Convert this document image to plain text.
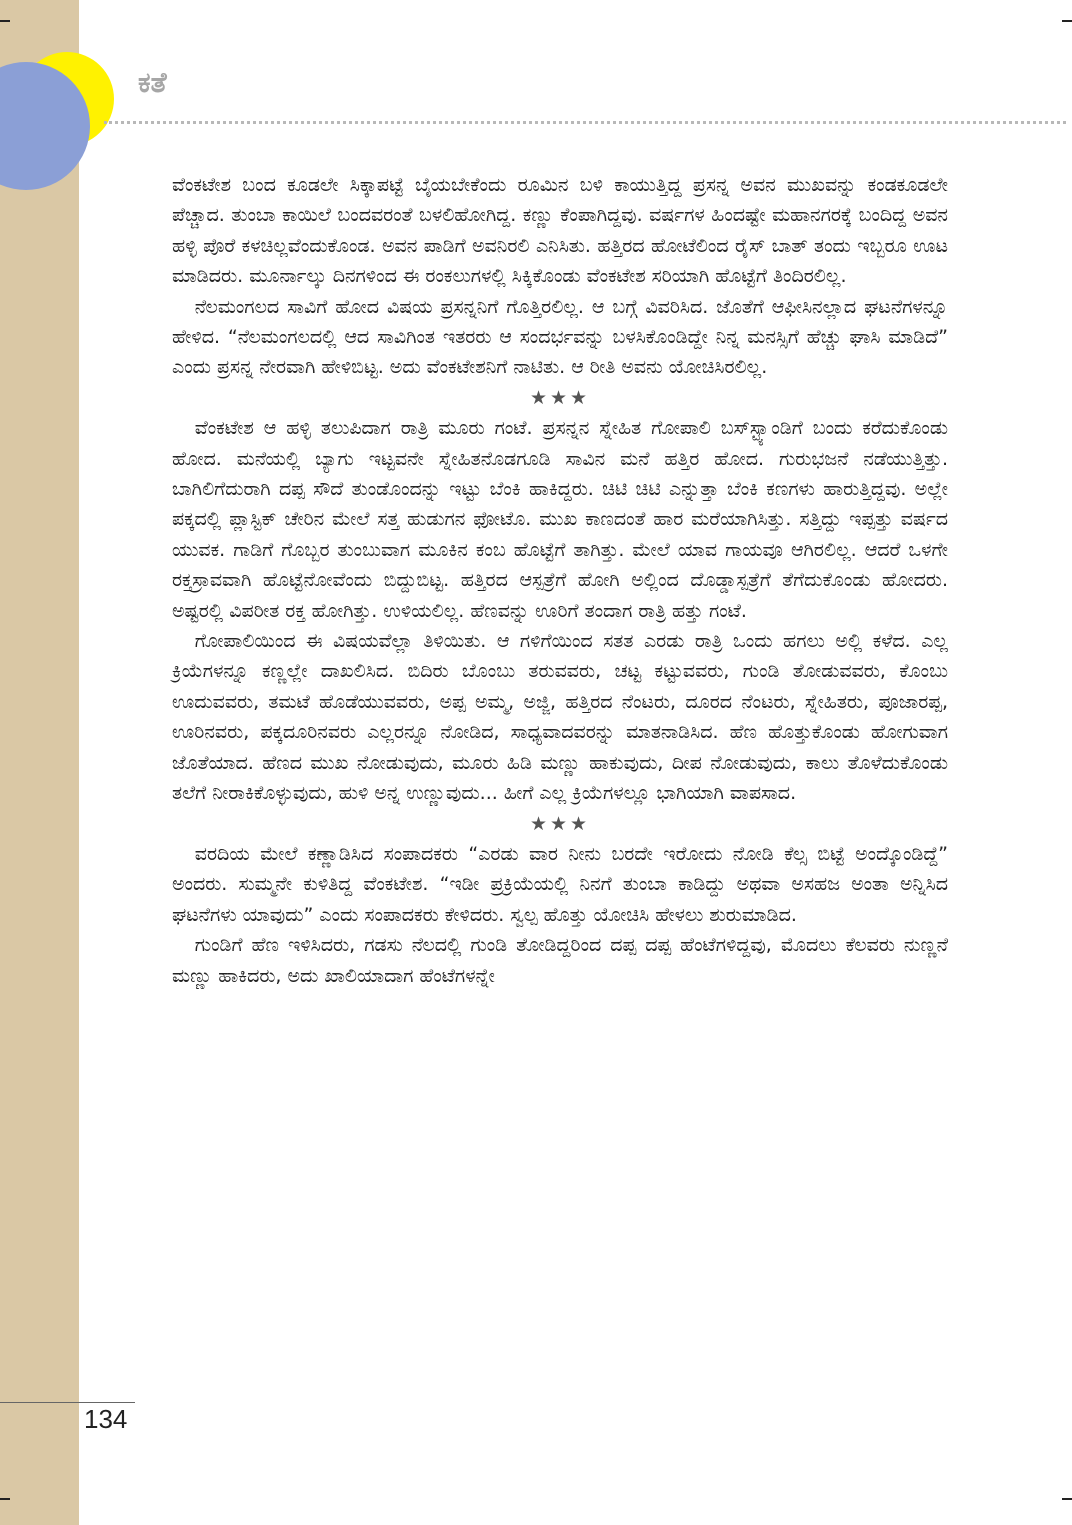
ಕತೆ

ವೆಂಕಟೇಶ ಬಂದ ಕೂಡಲೇ ಸಿಕ್ಕಾಪಟ್ಟೆ ಬೈಯಬೇಕೆಂದು ರೂಮಿನ ಬಳಿ ಕಾಯುತ್ತಿದ್ದ ಪ್ರಸನ್ನ ಅವನ ಮುಖವನ್ನು ಕಂಡಕೂಡಲೇ ಪೆಚ್ಚಾದ. ತುಂಬಾ ಕಾಯಿಲೆ ಬಂದವರಂತೆ ಬಳಲಿಹೋಗಿದ್ದ. ಕಣ್ಣು ಕೆಂಪಾಗಿದ್ದವು. ವರ್ಷಗಳ ಹಿಂದಷ್ಟೇ ಮಹಾನಗರಕ್ಕೆ ಬಂದಿದ್ದ ಅವನ ಹಳ್ಳಿ ಪೊರೆ ಕಳಚಿಲ್ಲವೆಂದುಕೊಂಡ. ಅವನ ಪಾಡಿಗೆ ಅವನಿರಲಿ ಎನಿಸಿತು. ಹತ್ತಿರದ ಹೋಟೆಲಿಂದ ರೈಸ್ ಬಾತ್ ತಂದು ಇಬ್ಬರೂ ಊಟ ಮಾಡಿದರು. ಮೂರ್ನಾಲ್ಕು ದಿನಗಳಿಂದ ಈ ರಂಕಲುಗಳಲ್ಲಿ ಸಿಕ್ಕಿಕೊಂಡು ವೆಂಕಟೇಶ ಸರಿಯಾಗಿ ಹೊಟ್ಟೆಗೆ ತಿಂದಿರಲಿಲ್ಲ.

ನೆಲಮಂಗಲದ ಸಾವಿಗೆ ಹೋದ ವಿಷಯ ಪ್ರಸನ್ನನಿಗೆ ಗೊತ್ತಿರಲಿಲ್ಲ. ಆ ಬಗ್ಗೆ ವಿವರಿಸಿದ. ಜೊತೆಗೆ ಆಫೀಸಿನಲ್ಲಾದ ಘಟನೆಗಳನ್ನೂ ಹೇಳಿದ. “ನೆಲಮಂಗಲದಲ್ಲಿ ಆದ ಸಾವಿಗಿಂತ ಇತರರು ಆ ಸಂದರ್ಭವನ್ನು ಬಳಸಿಕೊಂಡಿದ್ದೇ ನಿನ್ನ ಮನಸ್ಸಿಗೆ ಹೆಚ್ಚು ಘಾಸಿ ಮಾಡಿದೆ” ಎಂದು ಪ್ರಸನ್ನ ನೇರವಾಗಿ ಹೇಳಿಬಿಟ್ಟ. ಅದು ವೆಂಕಟೇಶನಿಗೆ ನಾಟಿತು. ಆ ರೀತಿ ಅವನು ಯೋಚಿಸಿರಲಿಲ್ಲ.

★★★

ವೆಂಕಟೇಶ ಆ ಹಳ್ಳಿ ತಲುಪಿದಾಗ ರಾತ್ರಿ ಮೂರು ಗಂಟೆ. ಪ್ರಸನ್ನನ ಸ್ನೇಹಿತ ಗೋಪಾಲಿ ಬಸ್‌ಸ್ಟ್ಯಾಂಡಿಗೆ ಬಂದು ಕರೆದುಕೊಂಡು ಹೋದ. ಮನೆಯಲ್ಲಿ ಬ್ಯಾಗು ಇಟ್ಟವನೇ ಸ್ನೇಹಿತನೊಡಗೂಡಿ ಸಾವಿನ ಮನೆ ಹತ್ತಿರ ಹೋದ. ಗುರುಭಜನೆ ನಡೆಯುತ್ತಿತ್ತು. ಬಾಗಿಲಿಗೆದುರಾಗಿ ದಪ್ಪ ಸೌದೆ ತುಂಡೊಂದನ್ನು ಇಟ್ಟು ಬೆಂಕಿ ಹಾಕಿದ್ದರು. ಚಿಟಿ ಚಿಟಿ ಎನ್ನುತ್ತಾ ಬೆಂಕಿ ಕಣಗಳು ಹಾರುತ್ತಿದ್ದವು. ಅಲ್ಲೇ ಪಕ್ಕದಲ್ಲಿ ಪ್ಲಾಸ್ಟಿಕ್ ಚೇರಿನ ಮೇಲೆ ಸತ್ತ ಹುಡುಗನ ಫೋಟೊ. ಮುಖ ಕಾಣದಂತೆ ಹಾರ ಮರೆಯಾಗಿಸಿತ್ತು. ಸತ್ತಿದ್ದು ಇಪ್ಪತ್ತು ವರ್ಷದ ಯುವಕ. ಗಾಡಿಗೆ ಗೊಬ್ಬರ ತುಂಬುವಾಗ ಮೂಕಿನ ಕಂಬ ಹೊಟ್ಟೆಗೆ ತಾಗಿತ್ತು. ಮೇಲೆ ಯಾವ ಗಾಯವೂ ಆಗಿರಲಿಲ್ಲ. ಆದರೆ ಒಳಗೇ ರಕ್ತಸ್ರಾವವಾಗಿ ಹೊಟ್ಟೆನೋವೆಂದು ಬಿದ್ದುಬಿಟ್ಟ. ಹತ್ತಿರದ ಆಸ್ಪತ್ರೆಗೆ ಹೋಗಿ ಅಲ್ಲಿಂದ ದೊಡ್ಡಾಸ್ಪತ್ರೆಗೆ ತೆಗೆದುಕೊಂಡು ಹೋದರು. ಅಷ್ಟರಲ್ಲಿ ವಿಪರೀತ ರಕ್ತ ಹೋಗಿತ್ತು. ಉಳಿಯಲಿಲ್ಲ. ಹೆಣವನ್ನು ಊರಿಗೆ ತಂದಾಗ ರಾತ್ರಿ ಹತ್ತು ಗಂಟೆ.

ಗೋಪಾಲಿಯಿಂದ ಈ ವಿಷಯವೆಲ್ಲಾ ತಿಳಿಯಿತು. ಆ ಗಳಿಗೆಯಿಂದ ಸತತ ಎರಡು ರಾತ್ರಿ ಒಂದು ಹಗಲು ಅಲ್ಲಿ ಕಳೆದ. ಎಲ್ಲ ಕ್ರಿಯೆಗಳನ್ನೂ ಕಣ್ಣಲ್ಲೇ ದಾಖಲಿಸಿದ. ಬಿದಿರು ಬೊಂಬು ತರುವವರು, ಚಟ್ಟ ಕಟ್ಟುವವರು, ಗುಂಡಿ ತೋಡುವವರು, ಕೊಂಬು ಊದುವವರು, ತಮಟೆ ಹೊಡೆಯುವವರು, ಅಪ್ಪ ಅಮ್ಮ, ಅಜ್ಜಿ, ಹತ್ತಿರದ ನೆಂಟರು, ದೂರದ ನೆಂಟರು, ಸ್ನೇಹಿತರು, ಪೂಜಾರಪ್ಪ, ಊರಿನವರು, ಪಕ್ಕದೂರಿನವರು ಎಲ್ಲರನ್ನೂ ನೋಡಿದ, ಸಾಧ್ಯವಾದವರನ್ನು ಮಾತನಾಡಿಸಿದ. ಹೆಣ ಹೊತ್ತುಕೊಂಡು ಹೋಗುವಾಗ ಜೊತೆಯಾದ. ಹೆಣದ ಮುಖ ನೋಡುವುದು, ಮೂರು ಹಿಡಿ ಮಣ್ಣು ಹಾಕುವುದು, ದೀಪ ನೋಡುವುದು, ಕಾಲು ತೊಳೆದುಕೊಂಡು ತಲೆಗೆ ನೀರಾಕಿಕೊಳ್ಳುವುದು, ಹುಳಿ ಅನ್ನ ಉಣ್ಣುವುದು... ಹೀಗೆ ಎಲ್ಲ ಕ್ರಿಯೆಗಳಲ್ಲೂ ಭಾಗಿಯಾಗಿ ವಾಪಸಾದ.

★★★

ವರದಿಯ ಮೇಲೆ ಕಣ್ಣಾಡಿಸಿದ ಸಂಪಾದಕರು “ಎರಡು ವಾರ ನೀನು ಬರದೇ ಇರೋದು ನೋಡಿ ಕೆಲ್ಸ ಬಿಟ್ಟೆ ಅಂದ್ಕೊಂಡಿದ್ದೆ” ಅಂದರು. ಸುಮ್ಮನೇ ಕುಳಿತಿದ್ದ ವೆಂಕಟೇಶ. “ಇಡೀ ಪ್ರಕ್ರಿಯೆಯಲ್ಲಿ ನಿನಗೆ ತುಂಬಾ ಕಾಡಿದ್ದು ಅಥವಾ ಅಸಹಜ ಅಂತಾ ಅನ್ನಿಸಿದ ಘಟನೆಗಳು ಯಾವುದು” ಎಂದು ಸಂಪಾದಕರು ಕೇಳಿದರು. ಸ್ವಲ್ಪ ಹೊತ್ತು ಯೋಚಿಸಿ ಹೇಳಲು ಶುರುಮಾಡಿದ.

ಗುಂಡಿಗೆ ಹೆಣ ಇಳಿಸಿದರು, ಗಡಸು ನೆಲದಲ್ಲಿ ಗುಂಡಿ ತೋಡಿದ್ದರಿಂದ ದಪ್ಪ ದಪ್ಪ ಹೆಂಟೆಗಳಿದ್ದವು, ಮೊದಲು ಕೆಲವರು ನುಣ್ಣನೆ ಮಣ್ಣು ಹಾಕಿದರು, ಅದು ಖಾಲಿಯಾದಾಗ ಹೆಂಟೆಗಳನ್ನೇ

134
